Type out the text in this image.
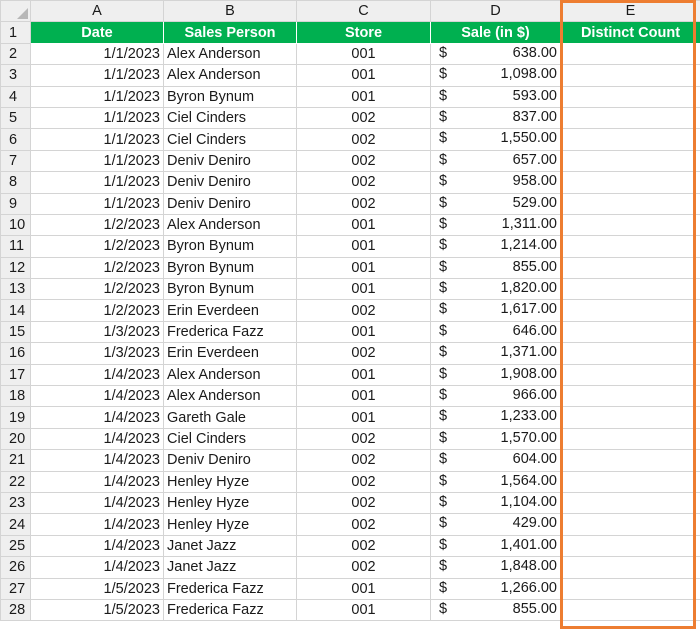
	A	B	C	D	E
1	Date	Sales Person	Store	Sale (in $)	Distinct Count
2	1/1/2023	Alex Anderson	001	$ 638.00	

3	1/1/2023	Alex Anderson	001	$ 1,098.00	

4	1/1/2023	Byron Bynum	001	$ 593.00	

5	1/1/2023	Ciel Cinders	002	$ 837.00	

6	1/1/2023	Ciel Cinders	002	$ 1,550.00	

7	1/1/2023	Deniv Deniro	002	$ 657.00	

8	1/1/2023	Deniv Deniro	002	$ 958.00	

9	1/1/2023	Deniv Deniro	002	$ 529.00	

10	1/2/2023	Alex Anderson	001	$ 1,311.00	

11	1/2/2023	Byron Bynum	001	$ 1,214.00	

12	1/2/2023	Byron Bynum	001	$ 855.00	

13	1/2/2023	Byron Bynum	001	$ 1,820.00	

14	1/2/2023	Erin Everdeen	002	$ 1,617.00	

15	1/3/2023	Frederica Fazz	001	$ 646.00	

16	1/3/2023	Erin Everdeen	002	$ 1,371.00	

17	1/4/2023	Alex Anderson	001	$ 1,908.00	

18	1/4/2023	Alex Anderson	001	$ 966.00	

19	1/4/2023	Gareth Gale	001	$ 1,233.00	

20	1/4/2023	Ciel Cinders	002	$ 1,570.00	

21	1/4/2023	Deniv Deniro	002	$ 604.00	

22	1/4/2023	Henley Hyze	002	$ 1,564.00	

23	1/4/2023	Henley Hyze	002	$ 1,104.00	

24	1/4/2023	Henley Hyze	002	$ 429.00	

25	1/4/2023	Janet Jazz	002	$ 1,401.00	

26	1/4/2023	Janet Jazz	002	$ 1,848.00	

27	1/5/2023	Frederica Fazz	001	$ 1,266.00	

28	1/5/2023	Frederica Fazz	001	$ 855.00	
